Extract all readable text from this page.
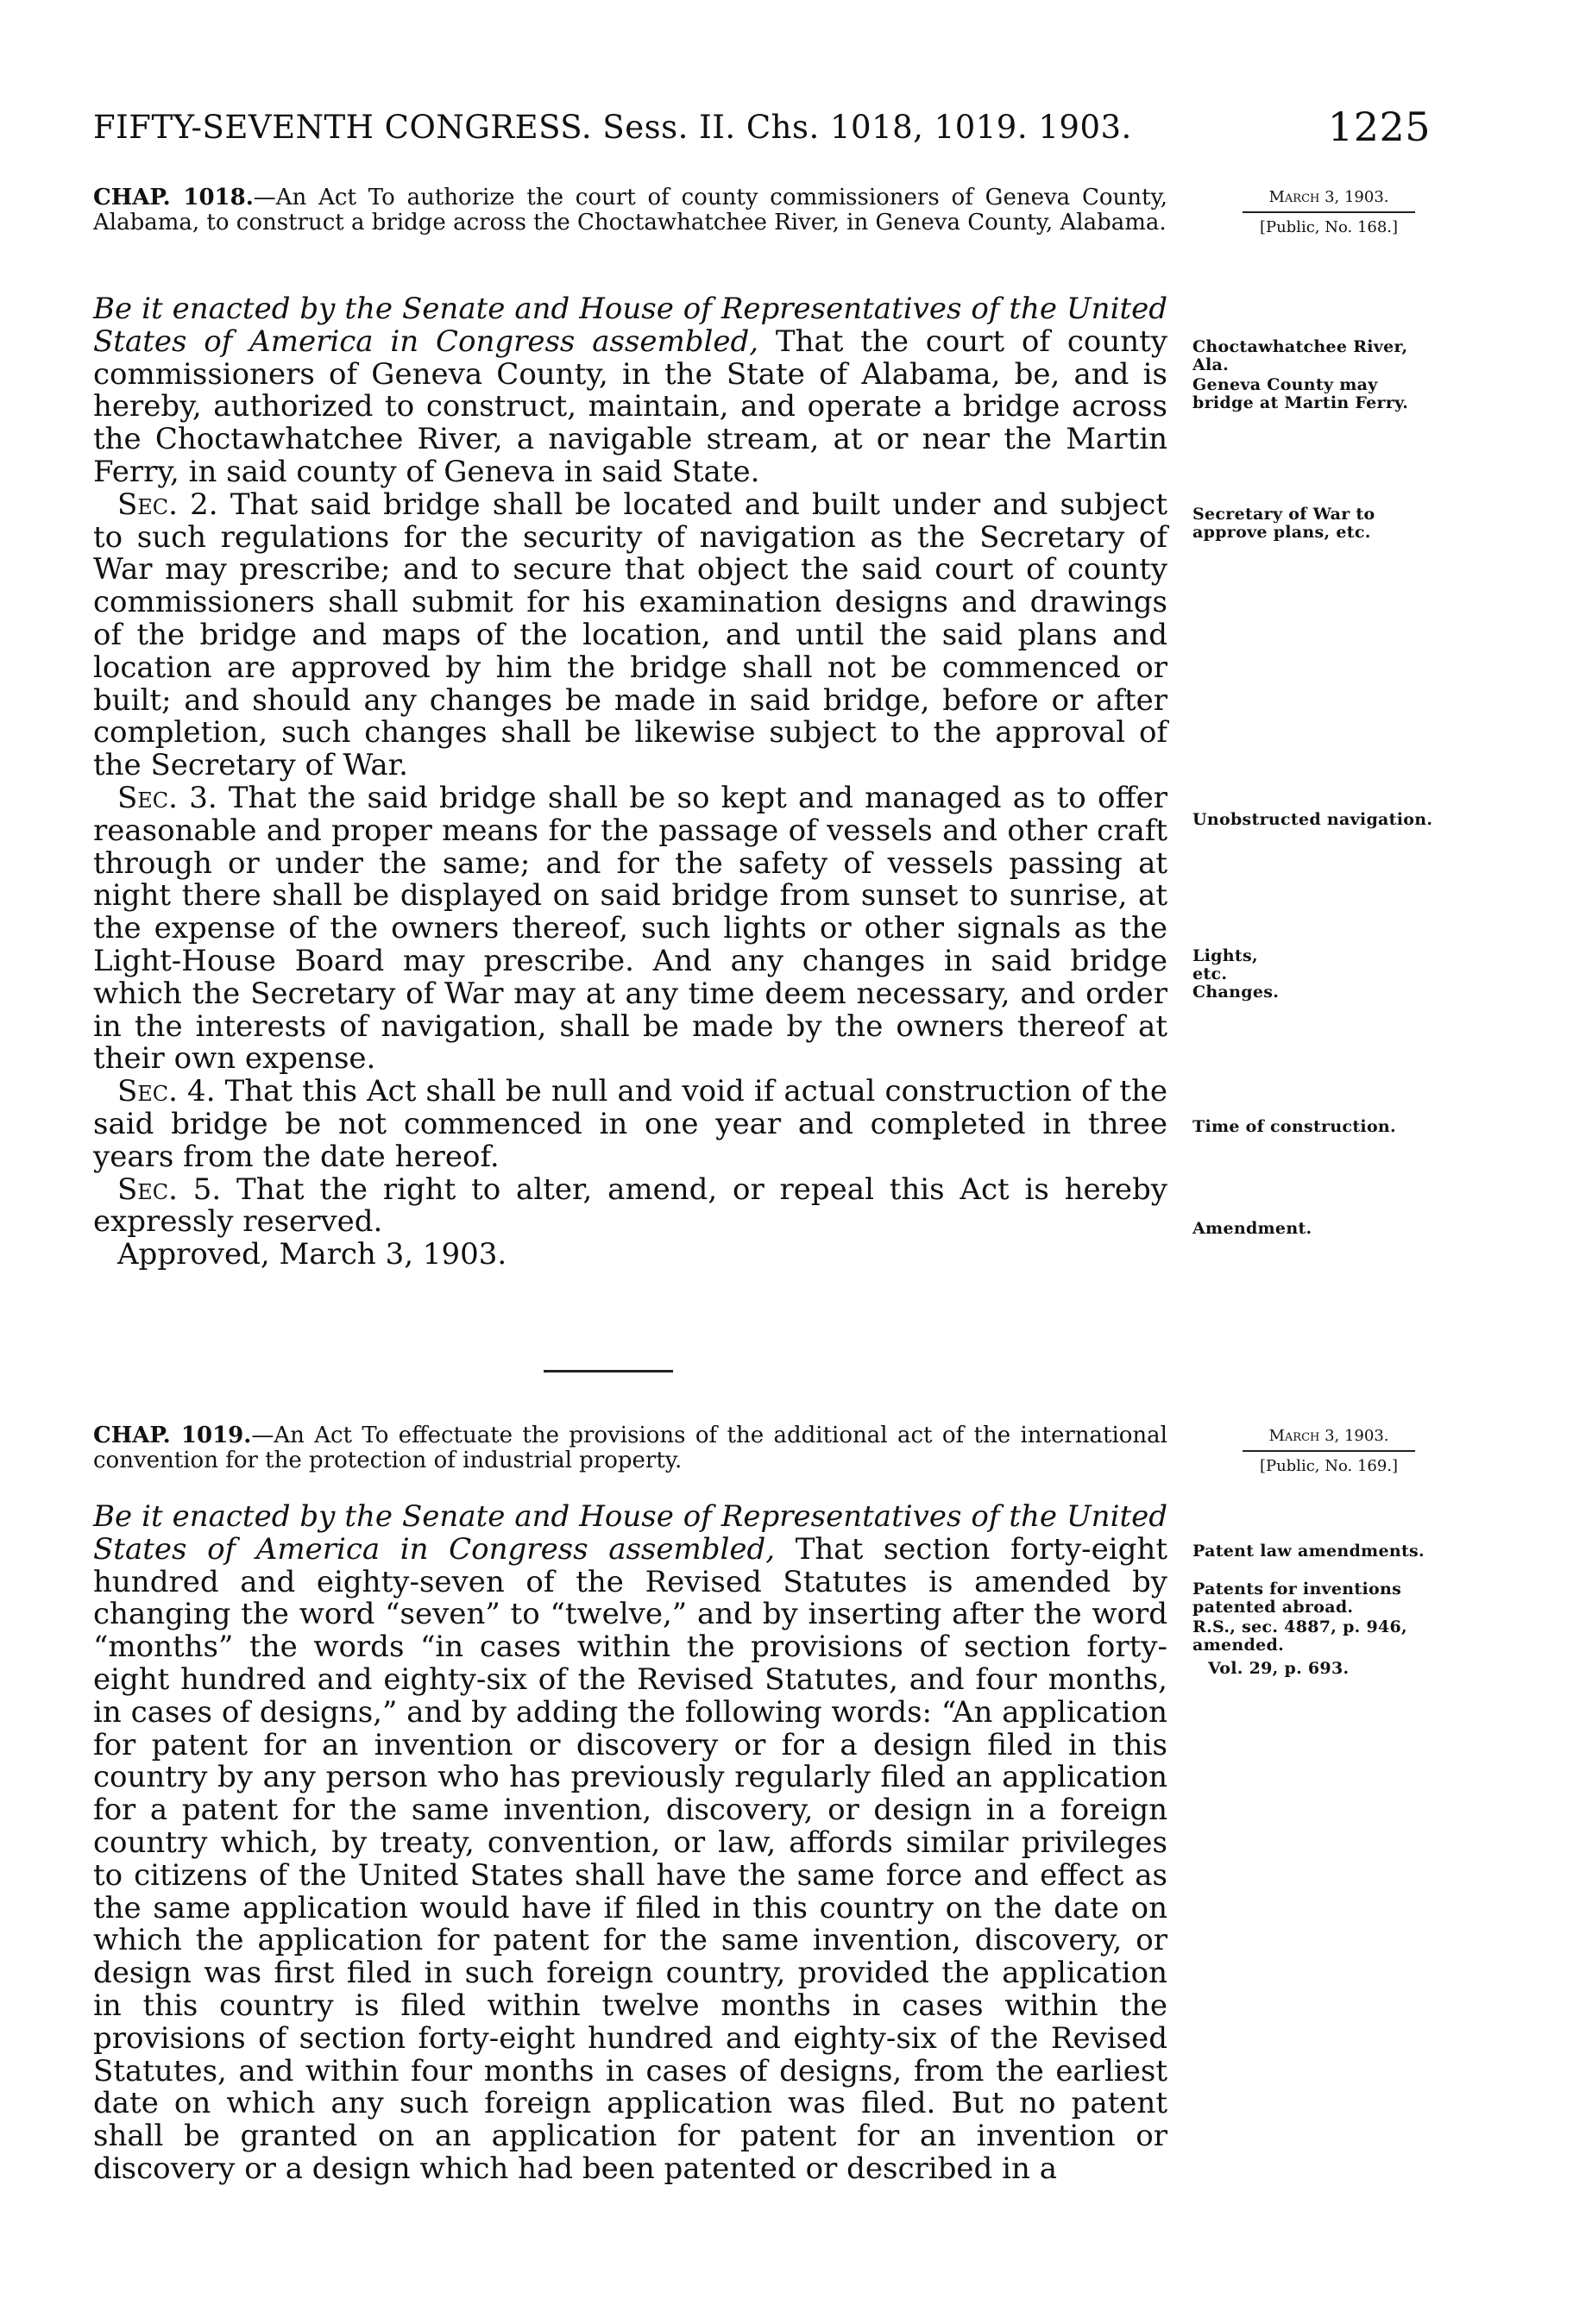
FIFTY-SEVENTH CONGRESS. Sess. II. Chs. 1018, 1019. 1903.	1225
CHAP. 1018.—An Act To authorize the court of county commissioners of Geneva County, Alabama, to construct a bridge across the Choctawhatchee River, in Geneva County, Alabama.
March 3, 1903.
[Public, No. 168.]

Be it enacted by the Senate and House of Representatives of the United States of America in Congress assembled, That the court of county commissioners of Geneva County, in the State of Alabama, be, and is hereby, authorized to construct, maintain, and operate a bridge across the Choctawhatchee River, a navigable stream, at or near the Martin Ferry, in said county of Geneva in said State.

Sec. 2. That said bridge shall be located and built under and subject to such regulations for the security of navigation as the Secretary of War may prescribe; and to secure that object the said court of county commissioners shall submit for his examination designs and drawings of the bridge and maps of the location, and until the said plans and location are approved by him the bridge shall not be commenced or built; and should any changes be made in said bridge, before or after completion, such changes shall be likewise subject to the approval of the Secretary of War.

Sec. 3. That the said bridge shall be so kept and managed as to offer reasonable and proper means for the passage of vessels and other craft through or under the same; and for the safety of vessels passing at night there shall be displayed on said bridge from sunset to sunrise, at the expense of the owners thereof, such lights or other signals as the Light-House Board may prescribe. And any changes in said bridge which the Secretary of War may at any time deem necessary, and order in the interests of navigation, shall be made by the owners thereof at their own expense.

Sec. 4. That this Act shall be null and void if actual construction of the said bridge be not commenced in one year and completed in three years from the date hereof.

Sec. 5. That the right to alter, amend, or repeal this Act is hereby expressly reserved.

Approved, March 3, 1903.

Choctawhatchee River, Ala.
Geneva County may bridge at Martin Ferry.
Secretary of War to approve plans, etc.
Unobstructed navigation.
Lights, etc. Changes.
Time of construction.
Amendment.
CHAP. 1019.—An Act To effectuate the provisions of the additional act of the international convention for the protection of industrial property.
March 3, 1903.
[Public, No. 169.]

Be it enacted by the Senate and House of Representatives of the United States of America in Congress assembled, That section forty-eight hundred and eighty-seven of the Revised Statutes is amended by changing the word “seven” to “twelve,” and by inserting after the word “months” the words “in cases within the provisions of section forty-eight hundred and eighty-six of the Revised Statutes, and four months, in cases of designs,” and by adding the following words: “An application for patent for an invention or discovery or for a design filed in this country by any person who has previously regularly filed an application for a patent for the same invention, discovery, or design in a foreign country which, by treaty, convention, or law, affords similar privileges to citizens of the United States shall have the same force and effect as the same application would have if filed in this country on the date on which the application for patent for the same invention, discovery, or design was first filed in such foreign country, provided the application in this country is filed within twelve months in cases within the provisions of section forty-eight hundred and eighty-six of the Revised Statutes, and within four months in cases of designs, from the earliest date on which any such foreign application was filed. But no patent shall be granted on an application for patent for an invention or discovery or a design which had been patented or described in a

Patent law amendments.
Patents for inventions patented abroad.
R.S., sec. 4887, p. 946, amended.
Vol. 29, p. 693.
